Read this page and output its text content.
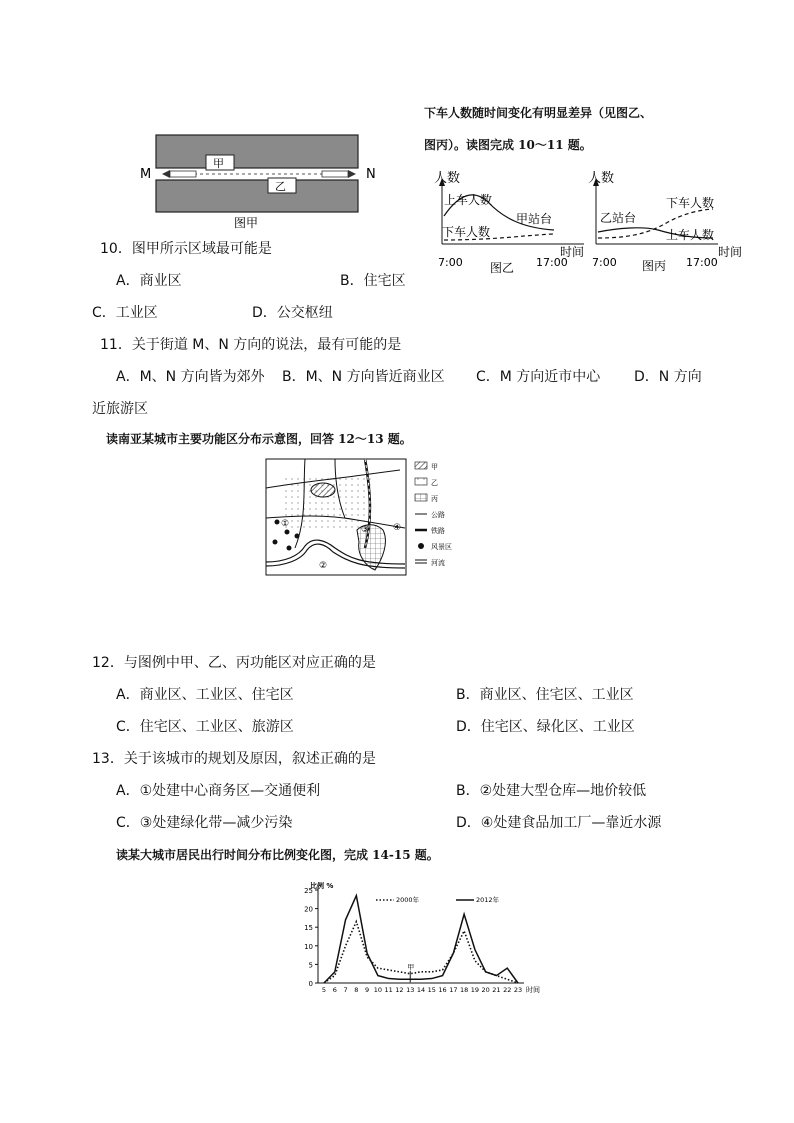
M	N
甲
乙
图甲
下车人数随时间变化有明显差异（见图乙、
图丙）。读图完成 10～11 题。
人数
上车人数
下车人数
甲站台
时间
7:00	17:00
图乙
人数
下车人数
乙站台
上车人数
时间
7:00	17:00
图丙
10．图甲所示区域最可能是
A．商业区	B．住宅区
C．工业区	D．公交枢纽
11．关于街道 M、N 方向的说法，最有可能的是
A．M、N 方向皆为郊外 B．M、N 方向皆近商业区 C．M 方向近市中心 D．N 方向
近旅游区
读南亚某城市主要功能区分布示意图，回答 12～13 题。
①
②
③	④
甲
乙
丙
公路
铁路
风景区
河流
12．与图例中甲、乙、丙功能区对应正确的是
A．商业区、工业区、住宅区	B．商业区、住宅区、工业区
C．住宅区、工业区、旅游区	D．住宅区、绿化区、工业区
13．关于该城市的规划及原因，叙述正确的是
A．①处建中心商务区—交通便利	B．②处建大型仓库—地价较低
C．③处建绿化带—减少污染	D．④处建食品加工厂—靠近水源
读某大城市居民出行时间分布比例变化图，完成 14-15 题。
0
5
10
15
20
25
5 6 7 8 9 10 11 12 13 14 15 16 17 18 19 20 21 22 23
比例 %
时间
2000年	2012年
甲
